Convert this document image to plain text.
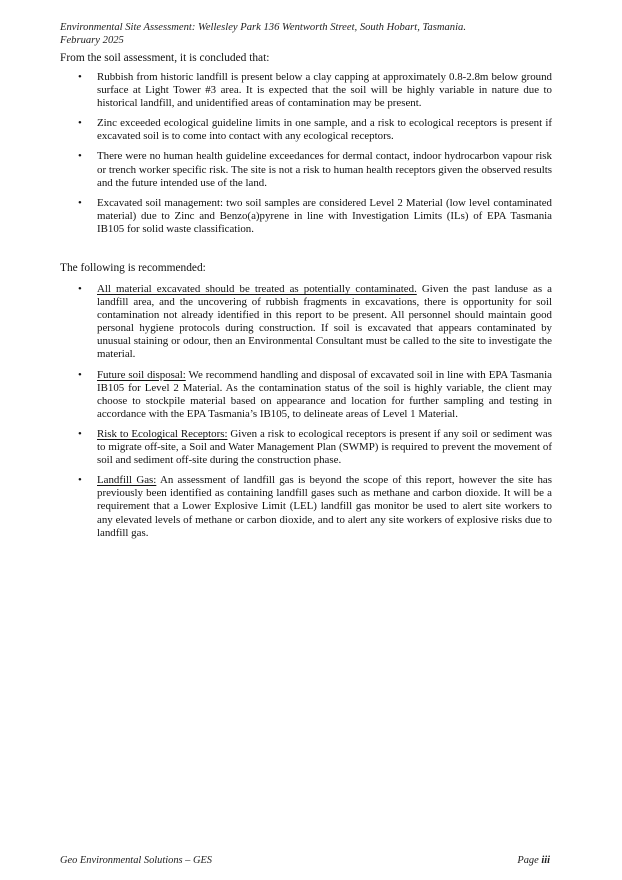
Environmental Site Assessment: Wellesley Park 136 Wentworth Street, South Hobart, Tasmania.
February 2025
From the soil assessment, it is concluded that:
• Rubbish from historic landfill is present below a clay capping at approximately 0.8-2.8m below ground surface at Light Tower #3 area. It is expected that the soil will be highly variable in nature due to historical landfill, and unidentified areas of contamination may be present.
• Zinc exceeded ecological guideline limits in one sample, and a risk to ecological receptors is present if excavated soil is to come into contact with any ecological receptors.
• There were no human health guideline exceedances for dermal contact, indoor hydrocarbon vapour risk or trench worker specific risk. The site is not a risk to human health receptors given the observed results and the future intended use of the land.
• Excavated soil management: two soil samples are considered Level 2 Material (low level contaminated material) due to Zinc and Benzo(a)pyrene in line with Investigation Limits (ILs) of EPA Tasmania IB105 for solid waste classification.
The following is recommended:
• All material excavated should be treated as potentially contaminated. Given the past landuse as a landfill area, and the uncovering of rubbish fragments in excavations, there is opportunity for soil contamination not already identified in this report to be present. All personnel should maintain good personal hygiene protocols during construction. If soil is excavated that appears contaminated by unusual staining or odour, then an Environmental Consultant must be called to the site to investigate the material.
• Future soil disposal: We recommend handling and disposal of excavated soil in line with EPA Tasmania IB105 for Level 2 Material. As the contamination status of the soil is highly variable, the client may choose to stockpile material based on appearance and location for further sampling and testing in accordance with the EPA Tasmania’s IB105, to delineate areas of Level 1 Material.
• Risk to Ecological Receptors: Given a risk to ecological receptors is present if any soil or sediment was to migrate off-site, a Soil and Water Management Plan (SWMP) is required to prevent the movement of soil and sediment off-site during the construction phase.
• Landfill Gas: An assessment of landfill gas is beyond the scope of this report, however the site has previously been identified as containing landfill gases such as methane and carbon dioxide. It will be a requirement that a Lower Explosive Limit (LEL) landfill gas monitor be used to alert site workers to any elevated levels of methane or carbon dioxide, and to alert any site workers of explosive risks due to landfill gas.
Geo Environmental Solutions – GES	Page iii
